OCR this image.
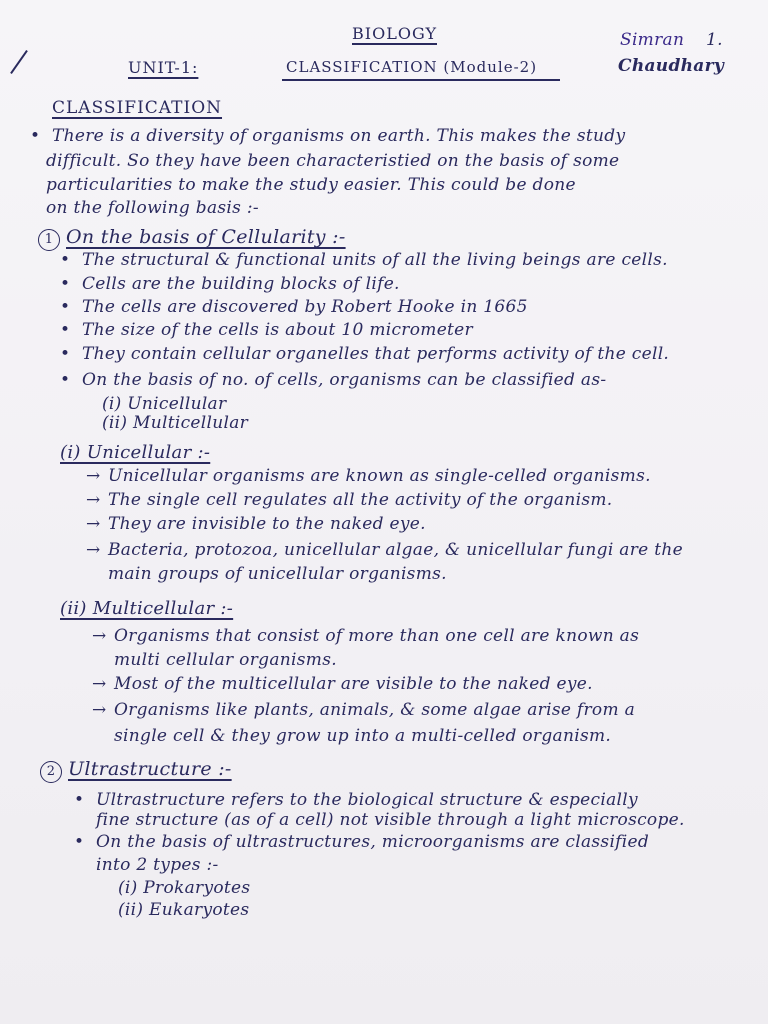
BIOLOGY
UNIT-1:	CLASSIFICATION (Module-2)
Simran 1.
Chaudhary
CLASSIFICATION
• There is a diversity of organisms on earth. This makes the study
difficult. So they have been characteristied on the basis of some
particularities to make the study easier. This could be done
on the following basis :-
1 On the basis of Cellularity :-
• The structural & functional units of all the living beings are cells.
• Cells are the building blocks of life.
• The cells are discovered by Robert Hooke in 1665
• The size of the cells is about 10 micrometer
• They contain cellular organelles that performs activity of the cell.
• On the basis of no. of cells, organisms can be classified as-
(i) Unicellular
(ii) Multicellular
(i) Unicellular :-
→ Unicellular organisms are known as single-celled organisms.
→ The single cell regulates all the activity of the organism.
→ They are invisible to the naked eye.
→ Bacteria, protozoa, unicellular algae, & unicellular fungi are the
main groups of unicellular organisms.
(ii) Multicellular :-
→ Organisms that consist of more than one cell are known as
multi cellular organisms.
→ Most of the multicellular are visible to the naked eye.
→ Organisms like plants, animals, & some algae arise from a
single cell & they grow up into a multi-celled organism.
2 Ultrastructure :-
• Ultrastructure refers to the biological structure & especially
fine structure (as of a cell) not visible through a light microscope.
• On the basis of ultrastructures, microorganisms are classified
into 2 types :-
(i) Prokaryotes
(ii) Eukaryotes
